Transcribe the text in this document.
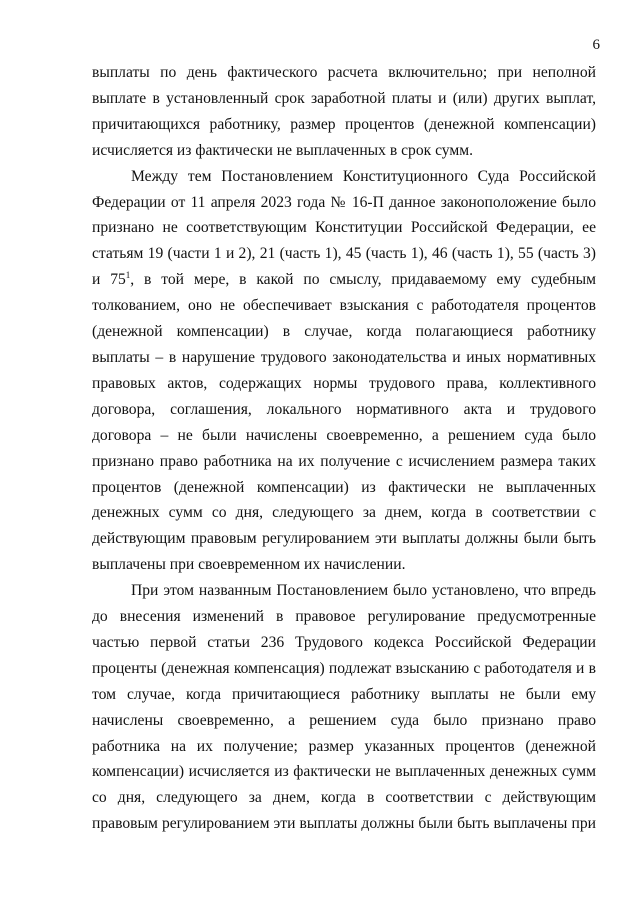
6

выплаты по день фактического расчета включительно; при неполной
выплате в установленный срок заработной платы и (или) других выплат,
причитающихся работнику, размер процентов (денежной компенсации)
исчисляется из фактически не выплаченных в срок сумм.

Между тем Постановлением Конституционного Суда Российской
Федерации от 11 апреля 2023 года № 16-П данное законоположение было
признано не соответствующим Конституции Российской Федерации, ее
статьям 19 (части 1 и 2), 21 (часть 1), 45 (часть 1), 46 (часть 1), 55 (часть 3)
и $75^1$, в той мере, в какой по смыслу, придаваемому ему судебным
толкованием, оно не обеспечивает взыскания с работодателя процентов
(денежной компенсации) в случае, когда полагающиеся работнику
выплаты – в нарушение трудового законодательства и иных нормативных
правовых актов, содержащих нормы трудового права, коллективного
договора, соглашения, локального нормативного акта и трудового
договора – не были начислены своевременно, а решением суда было
признано право работника на их получение с исчислением размера таких
процентов (денежной компенсации) из фактически не выплаченных
денежных сумм со дня, следующего за днем, когда в соответствии с
действующим правовым регулированием эти выплаты должны были быть
выплачены при своевременном их начислении.

При этом названным Постановлением было установлено, что впредь
до внесения изменений в правовое регулирование предусмотренные
частью первой статьи 236 Трудового кодекса Российской Федерации
проценты (денежная компенсация) подлежат взысканию с работодателя и в
том случае, когда причитающиеся работнику выплаты не были ему
начислены своевременно, а решением суда было признано право
работника на их получение; размер указанных процентов (денежной
компенсации) исчисляется из фактически не выплаченных денежных сумм
со дня, следующего за днем, когда в соответствии с действующим
правовым регулированием эти выплаты должны были быть выплачены при
